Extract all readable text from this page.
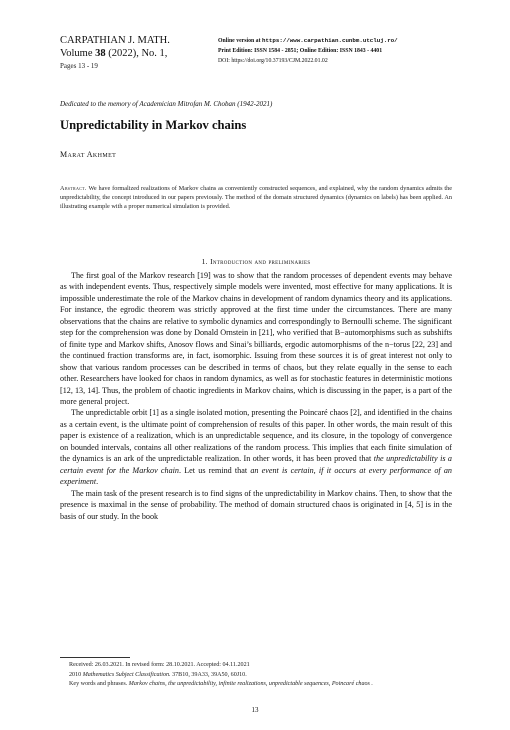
CARPATHIAN J. MATH.
Volume 38 (2022), No. 1,
Pages 13 - 19
Online version at https://www.carpathian.cunbm.utcluj.ro/
Print Edition: ISSN 1584 - 2851; Online Edition: ISSN 1843 - 4401
DOI: https://doi.org/10.37193/CJM.2022.01.02
Dedicated to the memory of Academician Mitrofan M. Choban (1942-2021)
Unpredictability in Markov chains
Marat Akhmet
Abstract. We have formalized realizations of Markov chains as conveniently constructed sequences, and explained, why the random dynamics admits the unpredictability, the concept introduced in our papers previously. The method of the domain structured dynamics (dynamics on labels) has been applied. An illustrating example with a proper numerical simulation is provided.
1. Introduction and preliminaries

The first goal of the Markov research [19] was to show that the random processes of dependent events may behave as with independent events. Thus, respectively simple models were invented, most effective for many applications. It is impossible underestimate the role of the Markov chains in development of random dynamics theory and its applications. For instance, the egrodic theorem was strictly approved at the first time under the circumstances. There are many observations that the chains are relative to symbolic dynamics and correspondingly to Bernoulli scheme. The significant step for the comprehension was done by Donald Ornstein in [21], who verified that B−automorphisms such as subshifts of finite type and Markov shifts, Anosov flows and Sinai’s billiards, ergodic automorphisms of the n−torus [22, 23] and the continued fraction transforms are, in fact, isomorphic. Issuing from these sources it is of great interest not only to show that various random processes can be described in terms of chaos, but they relate equally in the sense to each other. Researchers have looked for chaos in random dynamics, as well as for stochastic features in deterministic motions [12, 13, 14]. Thus, the problem of chaotic ingredients in Markov chains, which is discussing in the paper, is a part of the more general project.

The unpredictable orbit [1] as a single isolated motion, presenting the Poincaré chaos [2], and identified in the chains as a certain event, is the ultimate point of comprehension of results of this paper. In other words, the main result of this paper is existence of a realization, which is an unpredictable sequence, and its closure, in the topology of convergence on bounded intervals, contains all other realizations of the random process. This implies that each finite simulation of the dynamics is an ark of the unpredictable realization. In other words, it has been proved that the unpredictability is a certain event for the Markov chain. Let us remind that an event is certain, if it occurs at every performance of an experiment.

The main task of the present research is to find signs of the unpredictability in Markov chains. Then, to show that the presence is maximal in the sense of probability. The method of domain structured chaos is originated in [4, 5] is in the basis of our study. In the book

Received: 26.03.2021. In revised form: 28.10.2021. Accepted: 04.11.2021
2010 Mathematics Subject Classification. 37B10, 39A33, 39A50, 60J10.
Key words and phrases. Markov chains, the unpredictability, infinite realizations, unpredictable sequences, Poincaré chaos .
13
